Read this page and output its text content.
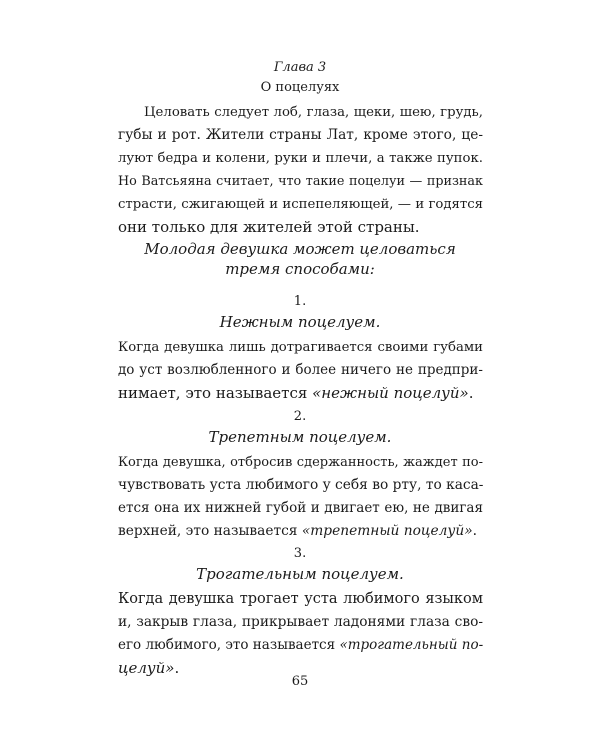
Глава 3
О поцелуях
Целовать следует лоб, глаза, щеки, шею, грудь,
губы и рот. Жители страны Лат, кроме этого, це-
луют бедра и колени, руки и плечи, а также пупок.
Но Ватсьяяна считает, что такие поцелуи — признак
страсти, сжигающей и испепеляющей, — и годятся
они только для жителей этой страны.
Молодая девушка может целоваться
тремя способами:
1.
Нежным поцелуем.
Когда девушка лишь дотрагивается своими губами
до уст возлюбленного и более ничего не предпри-
нимает, это называется «нежный поцелуй».
2.
Трепетным поцелуем.
Когда девушка, отбросив сдержанность, жаждет по-
чувствовать уста любимого у себя во рту, то каса-
ется она их нижней губой и двигает ею, не двигая
верхней, это называется «трепетный поцелуй».
3.
Трогательным поцелуем.
Когда девушка трогает уста любимого языком
и, закрыв глаза, прикрывает ладонями глаза сво-
его любимого, это называется «трогательный по-
целуй».
65
